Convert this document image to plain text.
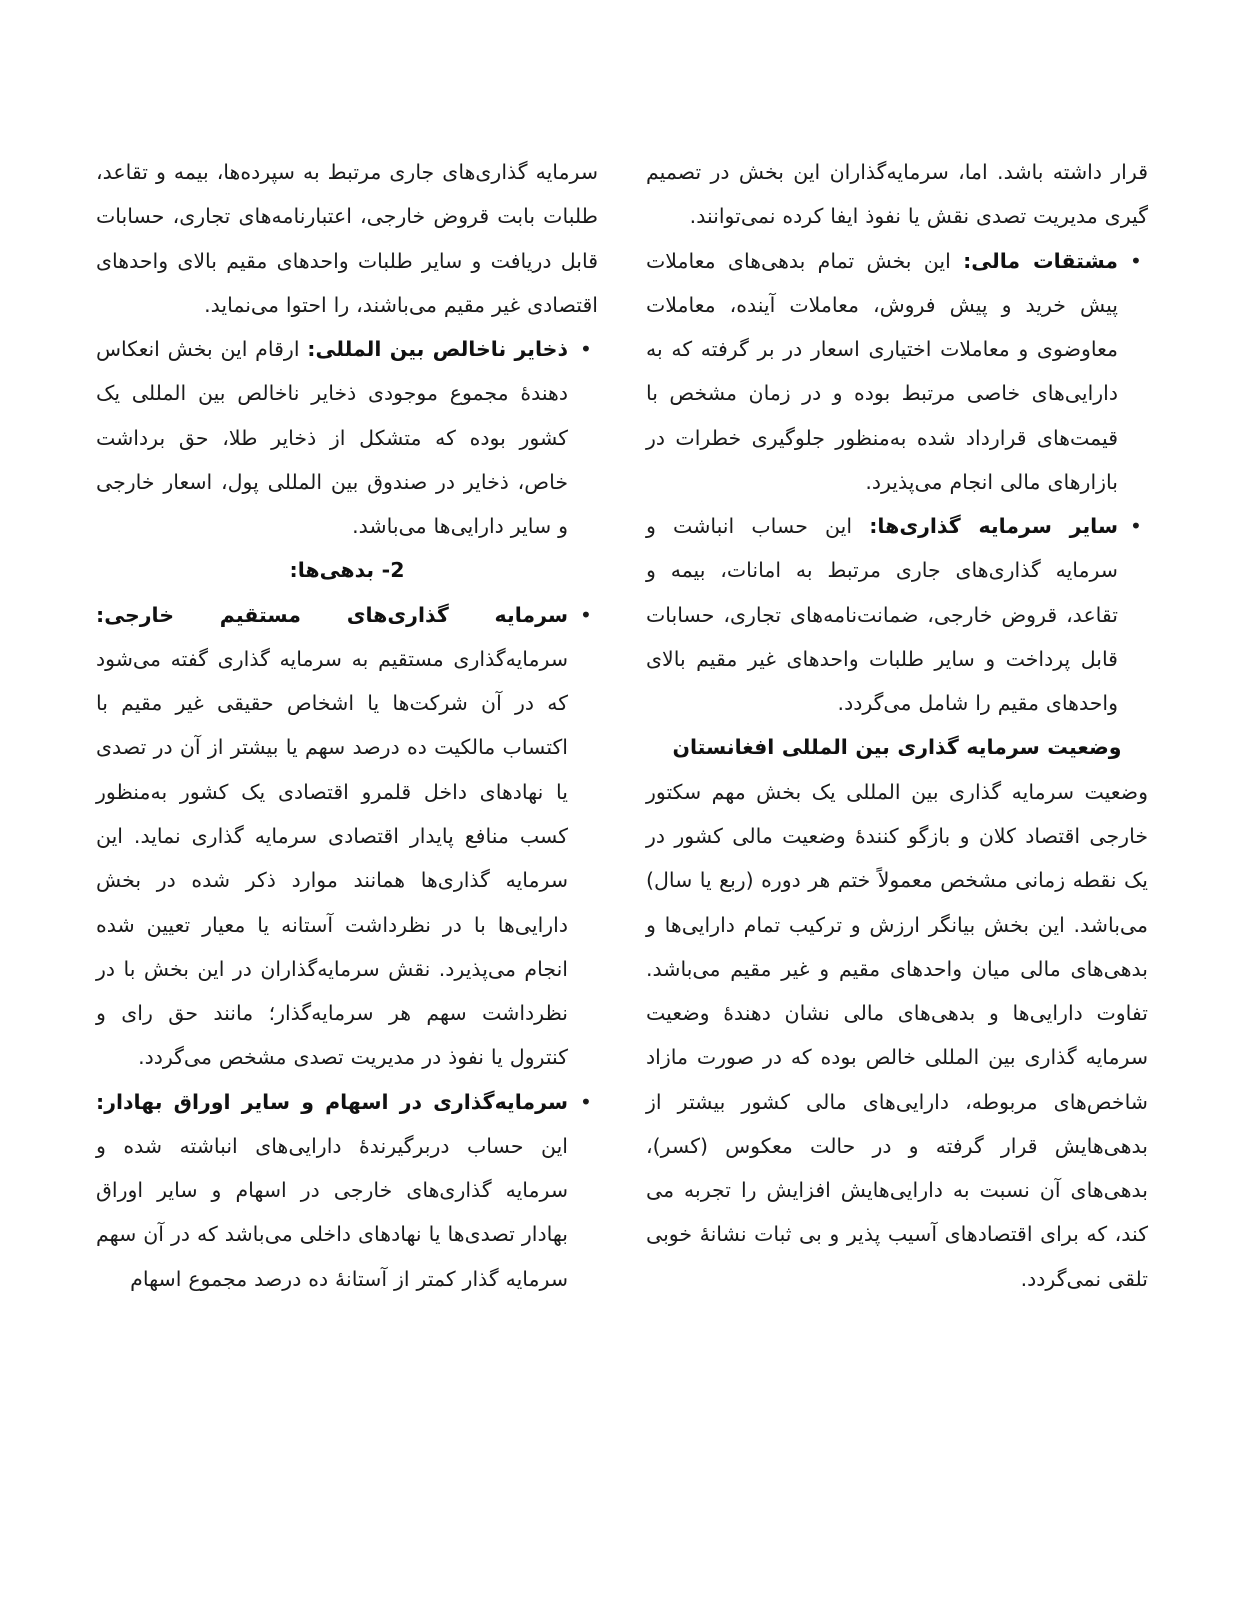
قرار داشته باشد. اما، سرمایه‌گذاران این بخش در تصمیم گیری مدیریت تصدی نقش یا نفوذ ایفا کرده نمی‌توانند.

•

مشتقات مالی: این بخش تمام بدهی‌های معاملات پیش خرید و پیش فروش، معاملات آینده، معاملات معاوضوی و معاملات اختیاری اسعار در بر گرفته که به دارایی‌های خاصی مرتبط بوده و در زمان مشخص با قیمت‌های قرارداد شده به‌منظور جلوگیری خطرات در بازارهای مالی انجام می‌پذیرد.

•

سایر سرمایه گذاری‌ها: این حساب انباشت و سرمایه گذاری‌های جاری مرتبط به امانات، بیمه و تقاعد، قروض خارجی، ضمانت‌نامه‌های تجاری، حسابات قابل پرداخت و سایر طلبات واحدهای غیر مقیم بالای واحدهای مقیم را شامل می‌گردد.

وضعیت سرمایه گذاری بین المللی افغانستان

وضعیت سرمایه گذاری بین المللی یک بخش مهم سکتور خارجی اقتصاد کلان و بازگو کنندهٔ وضعیت مالی کشور در یک نقطه زمانی مشخص معمولاً ختم هر دوره (ربع یا سال) می‌باشد. این بخش بیانگر ارزش و ترکیب تمام دارایی‌ها و بدهی‌های مالی میان واحدهای مقیم و غیر مقیم می‌باشد. تفاوت دارایی‌ها و بدهی‌های مالی نشان دهندهٔ وضعیت سرمایه گذاری بین المللی خالص بوده که در صورت مازاد شاخص‌های مربوطه، دارایی‌های مالی کشور بیشتر از بدهی‌هایش قرار گرفته و در حالت معکوس (کسر)، بدهی‌های آن نسبت به دارایی‌هایش افزایش را تجربه می کند، که برای اقتصادهای آسیب پذیر و بی ثبات نشانهٔ خوبی تلقی نمی‌گردد.

سرمایه گذاری‌های جاری مرتبط به سپرده‌ها، بیمه و تقاعد، طلبات بابت قروض خارجی، اعتبارنامه‌های تجاری، حسابات قابل دریافت و سایر طلبات واحدهای مقیم بالای واحدهای اقتصادی غیر مقیم می‌باشند، را احتوا می‌نماید.

•

ذخایر ناخالص بین المللی: ارقام این بخش انعکاس دهندهٔ مجموع موجودی ذخایر ناخالص بین المللی یک کشور بوده که متشکل از ذخایر طلا، حق برداشت خاص، ذخایر در صندوق بین المللی پول، اسعار خارجی و سایر دارایی‌ها می‌باشد.

2- بدهی‌ها:

•

سرمایه گذاری‌های مستقیم خارجی: سرمایه‌گذاری مستقیم به سرمایه گذاری گفته می‌شود که در آن شرکت‌ها یا اشخاص حقیقی غیر مقیم با اکتساب مالکیت ده درصد سهم یا بیشتر از آن در تصدی یا نهادهای داخل قلمرو اقتصادی یک کشور به‌منظور کسب منافع پایدار اقتصادی سرمایه گذاری نماید. این سرمایه گذاری‌ها همانند موارد ذکر شده در بخش دارایی‌ها با در نظرداشت آستانه یا معیار تعیین شده انجام می‌پذیرد. نقش سرمایه‌گذاران در این بخش با در نظرداشت سهم هر سرمایه‌گذار؛ مانند حق رای و کنترول یا نفوذ در مدیریت تصدی مشخص می‌گردد.

•

سرمایه‌گذاری در اسهام و سایر اوراق بهادار: این حساب دربرگیرندهٔ دارایی‌های انباشته شده و سرمایه گذاری‌های خارجی در اسهام و سایر اوراق بهادار تصدی‌ها یا نهادهای داخلی می‌باشد که در آن سهم سرمایه گذار کمتر از آستانهٔ ده درصد مجموع اسهام
